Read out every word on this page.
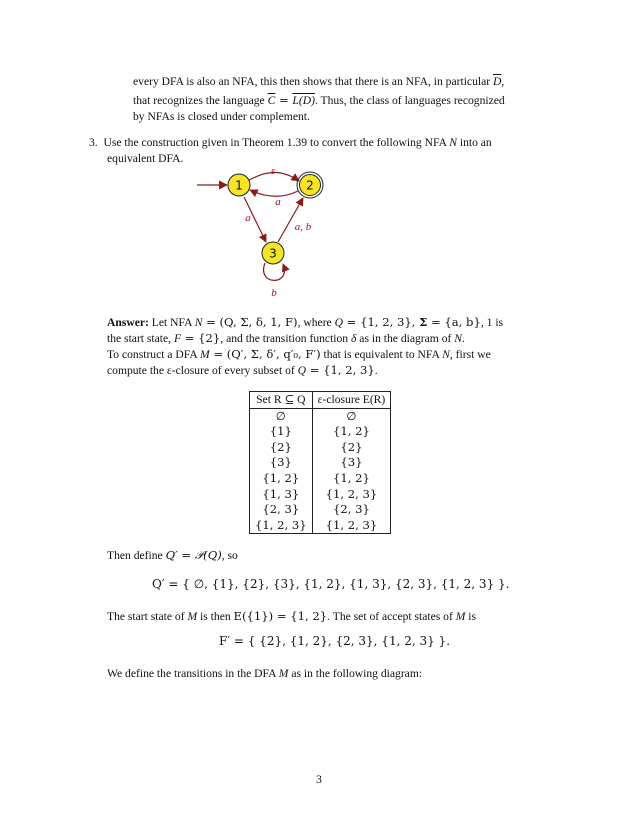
every DFA is also an NFA, this then shows that there is an NFA, in particular $\overline{D}$,
that recognizes the language $\overline{C} = L(D)$. Thus, the class of languages recognized
by NFAs is closed under complement.
3. Use the construction given in Theorem 1.39 to convert the following NFA N into an
equivalent DFA.
1	2
3
ε
a
a
a, b
b
Answer: Let NFA N = (Q, Σ, δ, 1, F), where Q = {1, 2, 3}, Σ = {a, b}, 1 is
the start state, F = {2}, and the transition function δ as in the diagram of N.
To construct a DFA M = (Q′, Σ, δ′, q′₀, F′) that is equivalent to NFA N, first we
compute the ε-closure of every subset of Q = {1, 2, 3}.
Set R ⊆ Q	ε-closure E(R)
∅	∅
{1}	{1, 2}
{2}	{2}
{3}	{3}
{1, 2}	{1, 2}
{1, 3}	{1, 2, 3}
{2, 3}	{2, 3}
{1, 2, 3}	{1, 2, 3}
Then define Q′ = 𝒫(Q), so
Q′ = { ∅, {1}, {2}, {3}, {1, 2}, {1, 3}, {2, 3}, {1, 2, 3} }.
The start state of M is then E({1}) = {1, 2}. The set of accept states of M is
F′ = { {2}, {1, 2}, {2, 3}, {1, 2, 3} }.
We define the transitions in the DFA M as in the following diagram:
3
